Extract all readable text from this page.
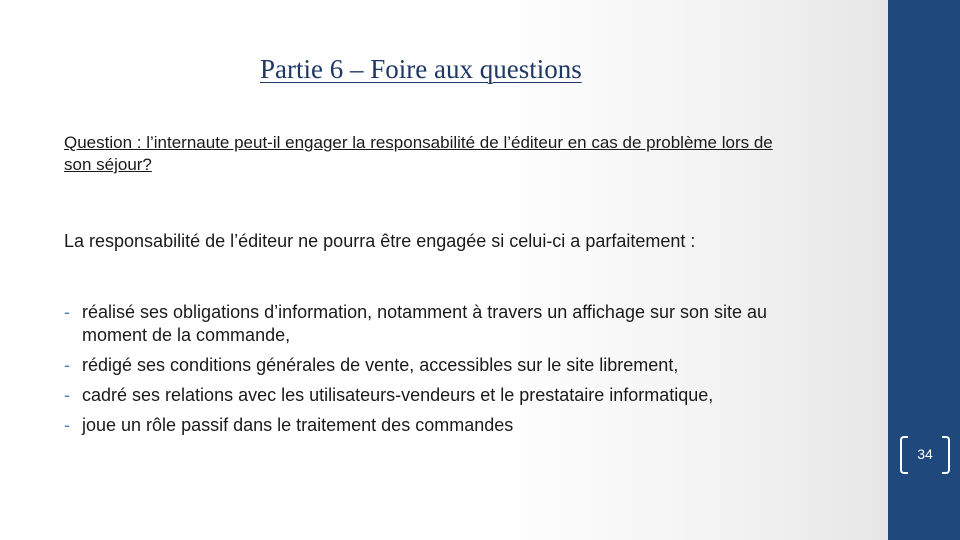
Partie 6 – Foire aux questions

Question : l’internaute peut-il engager la responsabilité de l’éditeur en cas de problème lors de son séjour?

La responsabilité de l’éditeur ne pourra être engagée si celui-ci a parfaitement :

- réalisé ses obligations d’information, notamment à travers un affichage sur son site au moment de la commande,
- rédigé ses conditions générales de vente, accessibles sur le site librement,
- cadré ses relations avec les utilisateurs-vendeurs et le prestataire informatique,
- joue un rôle passif dans le traitement des commandes
34
